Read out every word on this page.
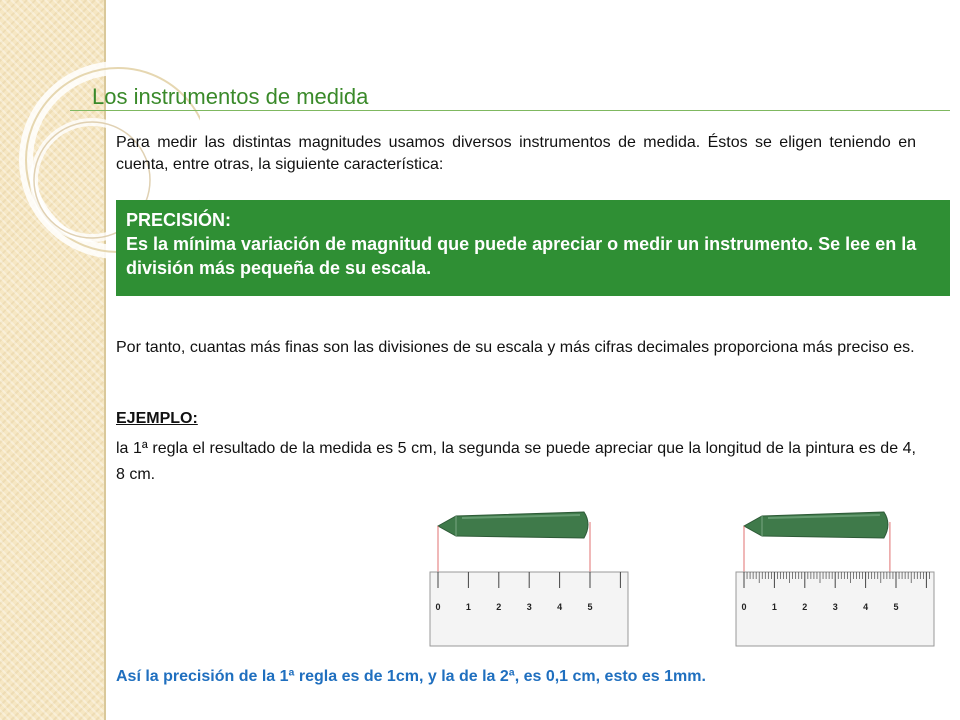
Los instrumentos de medida
Para medir las distintas magnitudes usamos diversos instrumentos de medida. Éstos se eligen teniendo en cuenta, entre otras, la siguiente característica:
PRECISIÓN:
Es la mínima variación de magnitud que puede apreciar o medir un instrumento. Se lee en la división más pequeña de su escala.
Por tanto, cuantas más finas son las divisiones de su escala y más cifras decimales proporciona más preciso es.
EJEMPLO:
la 1ª regla el resultado de la medida es 5 cm, la segunda se puede apreciar que la longitud de la pintura es de 4, 8 cm.
0	1	2	3	4	5	0	1	2	3	4	5
Así la precisión de la 1ª regla es de 1cm, y la de la 2ª, es 0,1 cm, esto es 1mm.
